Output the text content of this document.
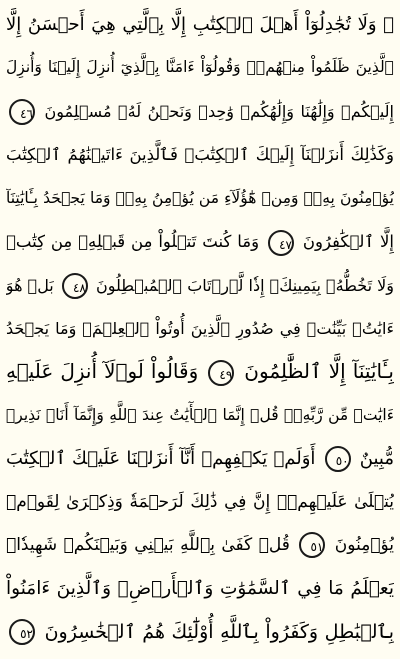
۞ وَلَا تُجَٰدِلُوٓاْ أَهۡلَ ٱلۡكِتَٰبِ إِلَّا بِٱلَّتِي هِيَ أَحۡسَنُ إِلَّا
ٱلَّذِينَ ظَلَمُواْ مِنۡهُمۡۖ وَقُولُوٓاْ ءَامَنَّا بِٱلَّذِيٓ أُنزِلَ إِلَيۡنَا وَأُنزِلَ
إِلَيۡكُمۡ وَإِلَٰهُنَا وَإِلَٰهُكُمۡ وَٰحِدٞ وَنَحۡنُ لَهُۥ مُسۡلِمُونَ ٤٦
وَكَذَٰلِكَ أَنزَلۡنَآ إِلَيۡكَ ٱلۡكِتَٰبَۚ فَٱلَّذِينَ ءَاتَيۡنَٰهُمُ ٱلۡكِتَٰبَ
يُؤۡمِنُونَ بِهِۦۖ وَمِنۡ هَٰٓؤُلَآءِ مَن يُؤۡمِنُ بِهِۦۚ وَمَا يَجۡحَدُ بِـَٔايَٰتِنَآ
إِلَّا ٱلۡكَٰفِرُونَ ٤٧ وَمَا كُنتَ تَتۡلُواْ مِن قَبۡلِهِۦ مِن كِتَٰبٖ
وَلَا تَخُطُّهُۥ بِيَمِينِكَۖ إِذٗا لَّٱرۡتَابَ ٱلۡمُبۡطِلُونَ ٤٨ بَلۡ هُوَ
ءَايَٰتُۢ بَيِّنَٰتٞ فِي صُدُورِ ٱلَّذِينَ أُوتُواْ ٱلۡعِلۡمَۚ وَمَا يَجۡحَدُ
بِـَٔايَٰتِنَآ إِلَّا ٱلظَّٰلِمُونَ ٤٩ وَقَالُواْ لَوۡلَآ أُنزِلَ عَلَيۡهِ
ءَايَٰتٞ مِّن رَّبِّهِۦۖ قُلۡ إِنَّمَا ٱلۡأٓيَٰتُ عِندَ ٱللَّهِ وَإِنَّمَآ أَنَا۠ نَذِيرٞ
مُّبِينٌ ٥٠ أَوَلَمۡ يَكۡفِهِمۡ أَنَّآ أَنزَلۡنَا عَلَيۡكَ ٱلۡكِتَٰبَ
يُتۡلَىٰ عَلَيۡهِمۡۚ إِنَّ فِي ذَٰلِكَ لَرَحۡمَةٗ وَذِكۡرَىٰ لِقَوۡمٖ
يُؤۡمِنُونَ ٥١ قُلۡ كَفَىٰ بِٱللَّهِ بَيۡنِي وَبَيۡنَكُمۡ شَهِيدٗاۖ
يَعۡلَمُ مَا فِي ٱلسَّمَٰوَٰتِ وَٱلۡأَرۡضِۗ وَٱلَّذِينَ ءَامَنُواْ
بِٱلۡبَٰطِلِ وَكَفَرُواْ بِٱللَّهِ أُوْلَٰٓئِكَ هُمُ ٱلۡخَٰسِرُونَ ٥٢
